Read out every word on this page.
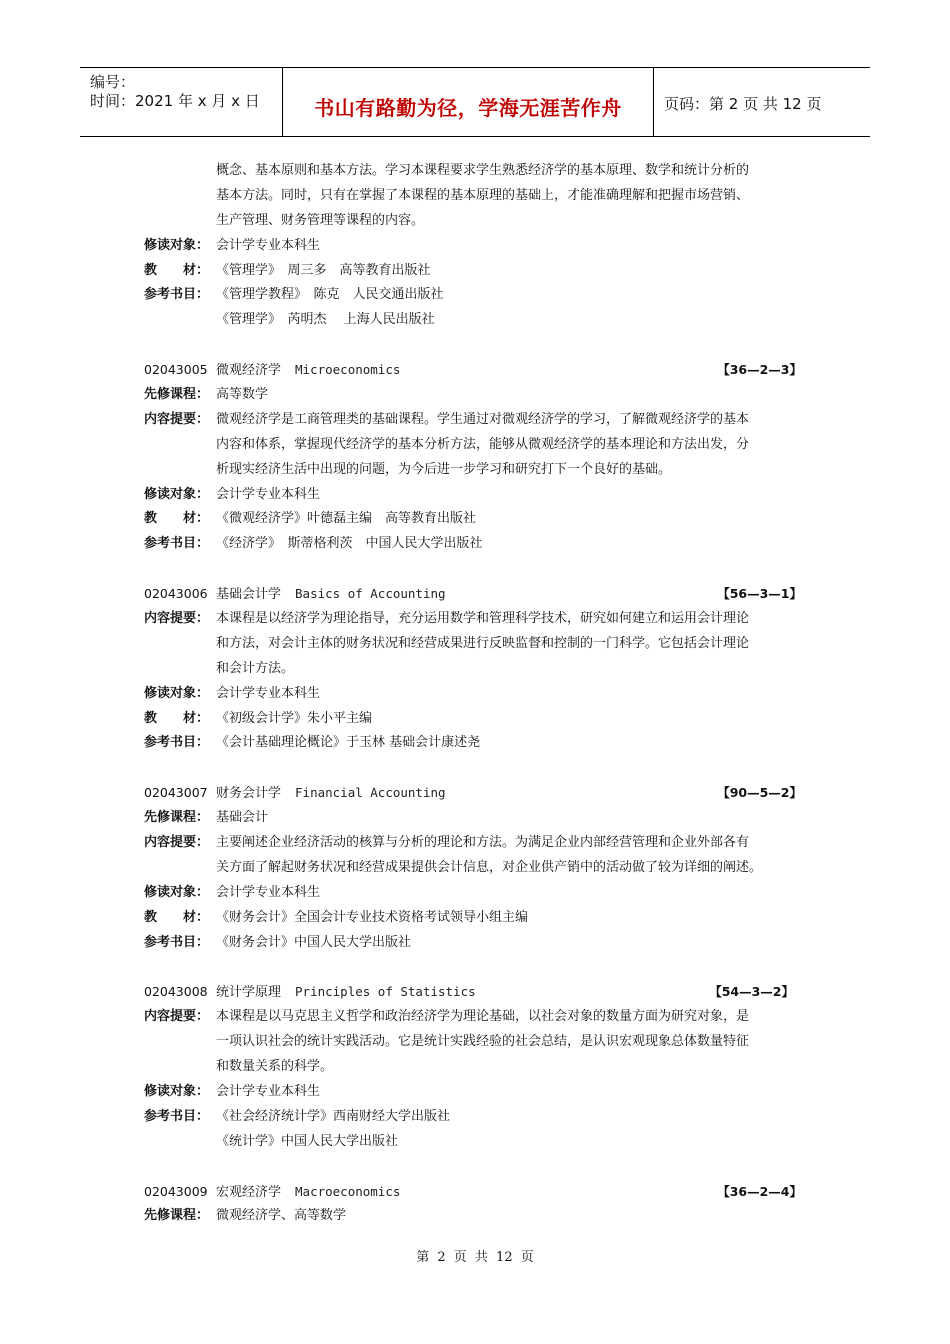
编号：
时间：2021 年 x 月 x 日	书山有路勤为径，学海无涯苦作舟	页码：第 2 页 共 12 页
概念、基本原则和基本方法。学习本课程要求学生熟悉经济学的基本原理、数学和统计分析的
基本方法。同时，只有在掌握了本课程的基本原理的基础上，才能准确理解和把握市场营销、
生产管理、财务管理等课程的内容。
修读对象： 会计学专业本科生
教　　材： 《管理学》　周三多　高等教育出版社
参考书目： 《管理学教程》　陈克　人民交通出版社
《管理学》　芮明杰　 上海人民出版社
02043005 微观经济学 Microeconomics	【36—2—3】
先修课程： 高等数学
内容提要： 微观经济学是工商管理类的基础课程。学生通过对微观经济学的学习，了解微观经济学的基本
内容和体系，掌握现代经济学的基本分析方法，能够从微观经济学的基本理论和方法出发，分
析现实经济生活中出现的问题，为今后进一步学习和研究打下一个良好的基础。
修读对象： 会计学专业本科生
教　　材： 《微观经济学》叶德磊主编　高等教育出版社
参考书目： 《经济学》　斯蒂格利茨　中国人民大学出版社
02043006 基础会计学 Basics of Accounting	【56—3—1】
内容提要： 本课程是以经济学为理论指导，充分运用数学和管理科学技术，研究如何建立和运用会计理论
和方法，对会计主体的财务状况和经营成果进行反映监督和控制的一门科学。它包括会计理论
和会计方法。
修读对象： 会计学专业本科生
教　　材： 《初级会计学》朱小平主编
参考书目： 《会计基础理论概论》于玉林 基础会计康述尧
02043007 财务会计学 Financial Accounting	【90—5—2】
先修课程： 基础会计
内容提要： 主要阐述企业经济活动的核算与分析的理论和方法。为满足企业内部经营管理和企业外部各有
关方面了解起财务状况和经营成果提供会计信息，对企业供产销中的活动做了较为详细的阐述。
修读对象： 会计学专业本科生
教　　材： 《财务会计》全国会计专业技术资格考试领导小组主编
参考书目： 《财务会计》中国人民大学出版社
02043008 统计学原理 Principles of Statistics	【54—3—2】
内容提要： 本课程是以马克思主义哲学和政治经济学为理论基础，以社会对象的数量方面为研究对象，是
一项认识社会的统计实践活动。它是统计实践经验的社会总结，是认识宏观现象总体数量特征
和数量关系的科学。
修读对象： 会计学专业本科生
参考书目： 《社会经济统计学》西南财经大学出版社
《统计学》中国人民大学出版社
02043009 宏观经济学 Macroeconomics	【36—2—4】
先修课程： 微观经济学、高等数学
第 2 页 共 12 页
